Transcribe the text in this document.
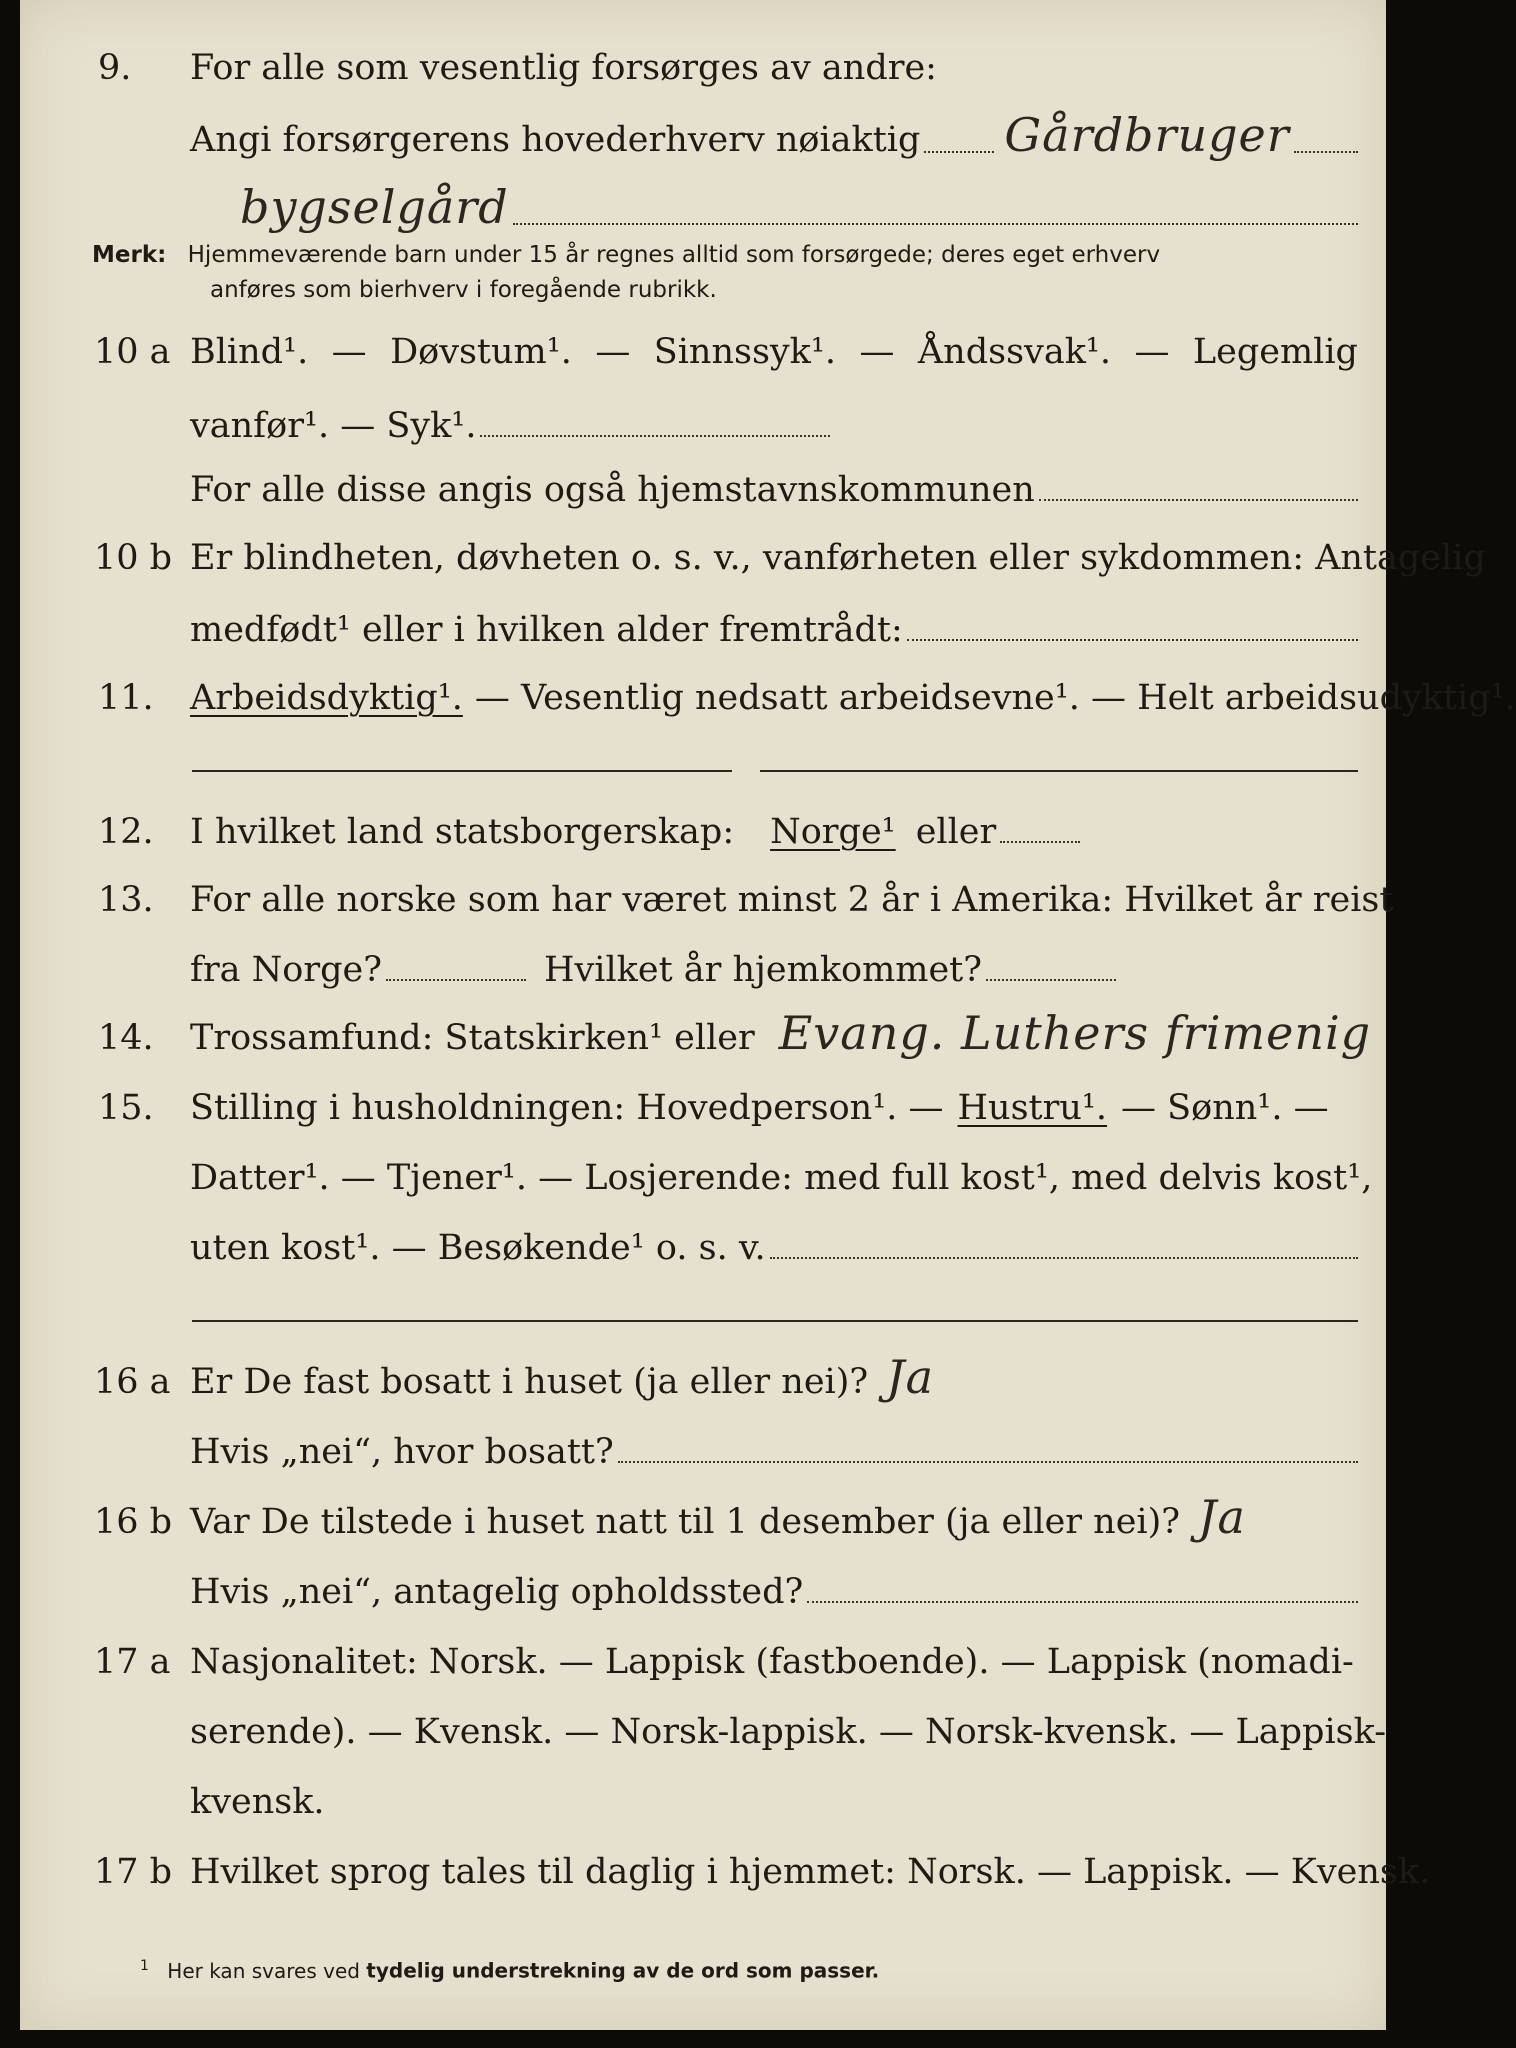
9. For alle som vesentlig forsørges av andre:
Angi forsørgerens hovederhverv nøiaktig Gårdbruger
bygselgård
Merk: Hjemmeværende barn under 15 år regnes alltid som forsørgede; deres eget erhverv
anføres som bierhverv i foregående rubrikk.
10 a Blind¹. — Døvstum¹. — Sinnssyk¹. — Åndssvak¹. — Legemlig
vanfør¹. — Syk¹.
For alle disse angis også hjemstavnskommunen
10 b Er blindheten, døvheten o. s. v., vanførheten eller sykdommen: Antagelig
medfødt¹ eller i hvilken alder fremtrådt:
11. Arbeidsdyktig¹. — Vesentlig nedsatt arbeidsevne¹. — Helt arbeidsudyktig¹.
12. I hvilket land statsborgerskap: Norge¹ eller
13. For alle norske som har været minst 2 år i Amerika: Hvilket år reist
fra Norge?	Hvilket år hjemkommet?
14. Trossamfund: Statskirken¹ eller Evang. Luthers frimenig
15. Stilling i husholdningen: Hovedperson¹. — Hustru¹. — Sønn¹. —
Datter¹. — Tjener¹. — Losjerende: med full kost¹, med delvis kost¹,
uten kost¹. — Besøkende¹ o. s. v.
16 a Er De fast bosatt i huset (ja eller nei)? Ja
Hvis „nei“, hvor bosatt?
16 b Var De tilstede i huset natt til 1 desember (ja eller nei)? Ja
Hvis „nei“, antagelig opholdssted?
17 a Nasjonalitet: Norsk. — Lappisk (fastboende). — Lappisk (nomadi-
serende). — Kvensk. — Norsk-lappisk. — Norsk-kvensk. — Lappisk-
kvensk.
17 b Hvilket sprog tales til daglig i hjemmet: Norsk. — Lappisk. — Kvensk.
$^1$ Her kan svares ved tydelig understrekning av de ord som passer.
